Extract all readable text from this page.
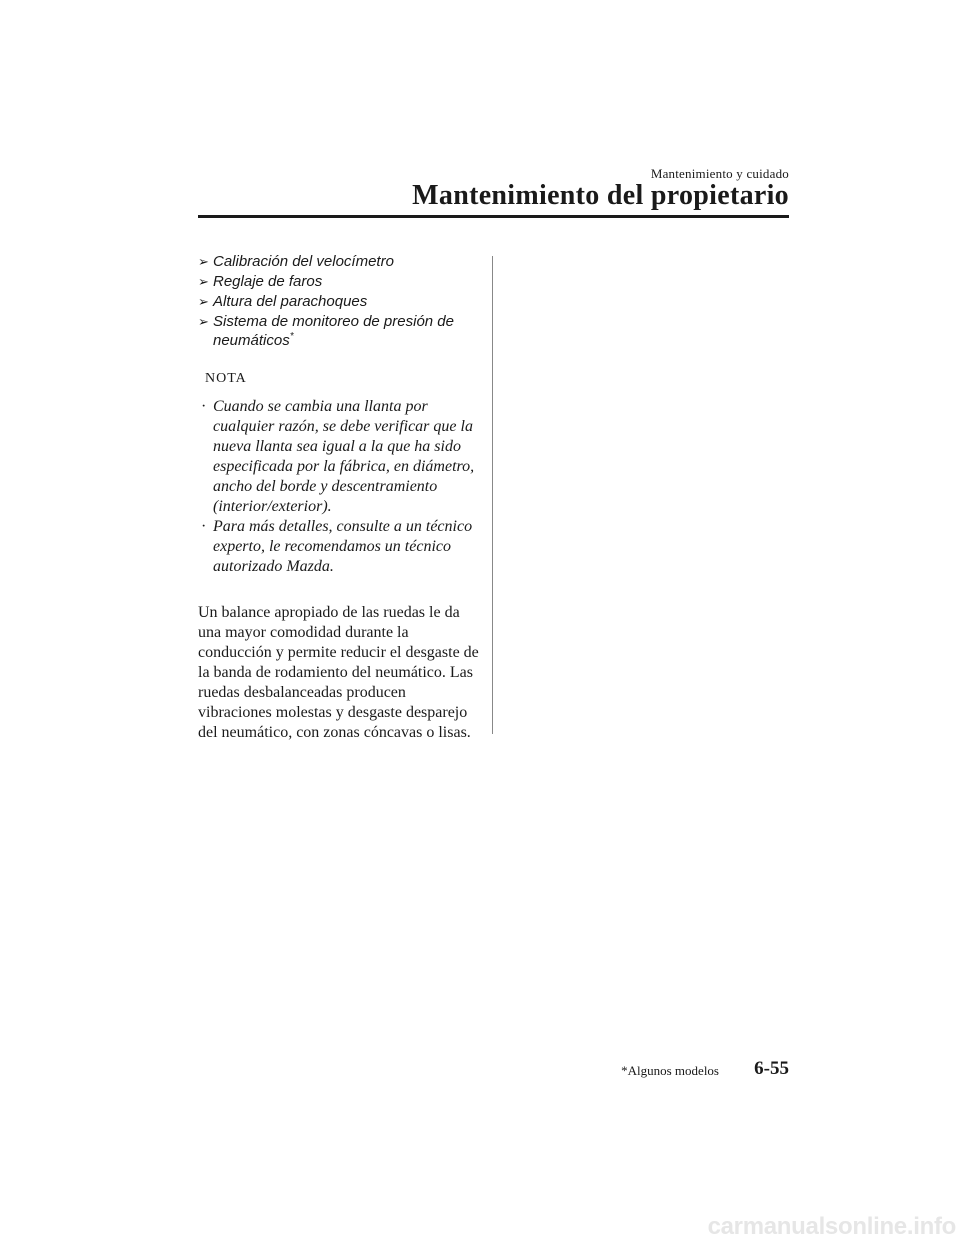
Mantenimiento y cuidado
Mantenimiento del propietario
➢ Calibración del velocímetro
➢ Reglaje de faros
➢ Altura del parachoques
➢ Sistema de monitoreo de presión de neumáticos*
NOTA
· Cuando se cambia una llanta por cualquier razón, se debe verificar que la nueva llanta sea igual a la que ha sido especificada por la fábrica, en diámetro, ancho del borde y descentramiento (interior/exterior).
· Para más detalles, consulte a un técnico experto, le recomendamos un técnico autorizado Mazda.

Un balance apropiado de las ruedas le da una mayor comodidad durante la conducción y permite reducir el desgaste de la banda de rodamiento del neumático. Las ruedas desbalanceadas producen vibraciones molestas y desgaste desparejo del neumático, con zonas cóncavas o lisas.

*Algunos modelos 6-55
carmanualsonline.info
